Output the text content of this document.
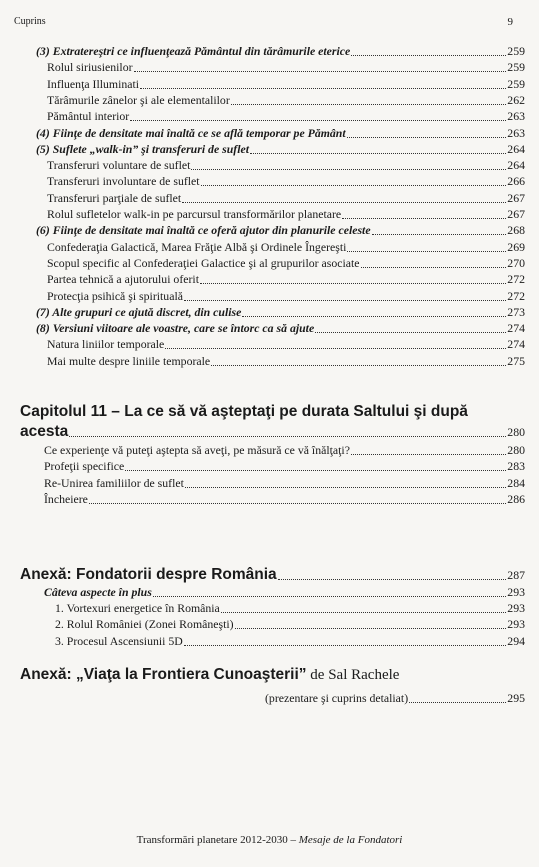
Cuprins	9
(3) Extratereştri ce influenţează Pământul din tărâmurile eterice	259
Rolul siriusienilor	259
Influenţa Illuminati	259
Tărâmurile zânelor şi ale elementalilor	262
Pământul interior	263
(4) Fiinţe de densitate mai înaltă ce se află temporar pe Pământ	263
(5) Suflete „walk-in” şi transferuri de suflet	264
Transferuri voluntare de suflet	264
Transferuri involuntare de suflet	266
Transferuri parţiale de suflet	267
Rolul sufletelor walk-in pe parcursul transformărilor planetare	267
(6) Fiinţe de densitate mai înaltă ce oferă ajutor din planurile celeste	268
Confederaţia Galactică, Marea Frăţie Albă şi Ordinele Îngereşti	269
Scopul specific al Confederaţiei Galactice şi al grupurilor asociate	270
Partea tehnică a ajutorului oferit	272
Protecţia psihică şi spirituală	272
(7) Alte grupuri ce ajută discret, din culise	273
(8) Versiuni viitoare ale voastre, care se întorc ca să ajute	274
Natura liniilor temporale	274
Mai multe despre liniile temporale	275
Capitolul 11 – La ce să vă aşteptaţi pe durata Saltului şi după
acesta	280
Ce experienţe vă puteţi aştepta să aveţi, pe măsură ce vă înălţaţi?	280
Profeţii specifice	283
Re-Unirea familiilor de suflet	284
Încheiere	286
Anexă: Fondatorii despre România	287
Câteva aspecte în plus	293
1. Vortexuri energetice în România	293
2. Rolul României (Zonei Româneşti)	293
3. Procesul Ascensiunii 5D	294
Anexă: „Viaţa la Frontiera Cunoaşterii” de Sal Rachele
(prezentare şi cuprins detaliat)	295
Transformări planetare 2012-2030 – Mesaje de la Fondatori
